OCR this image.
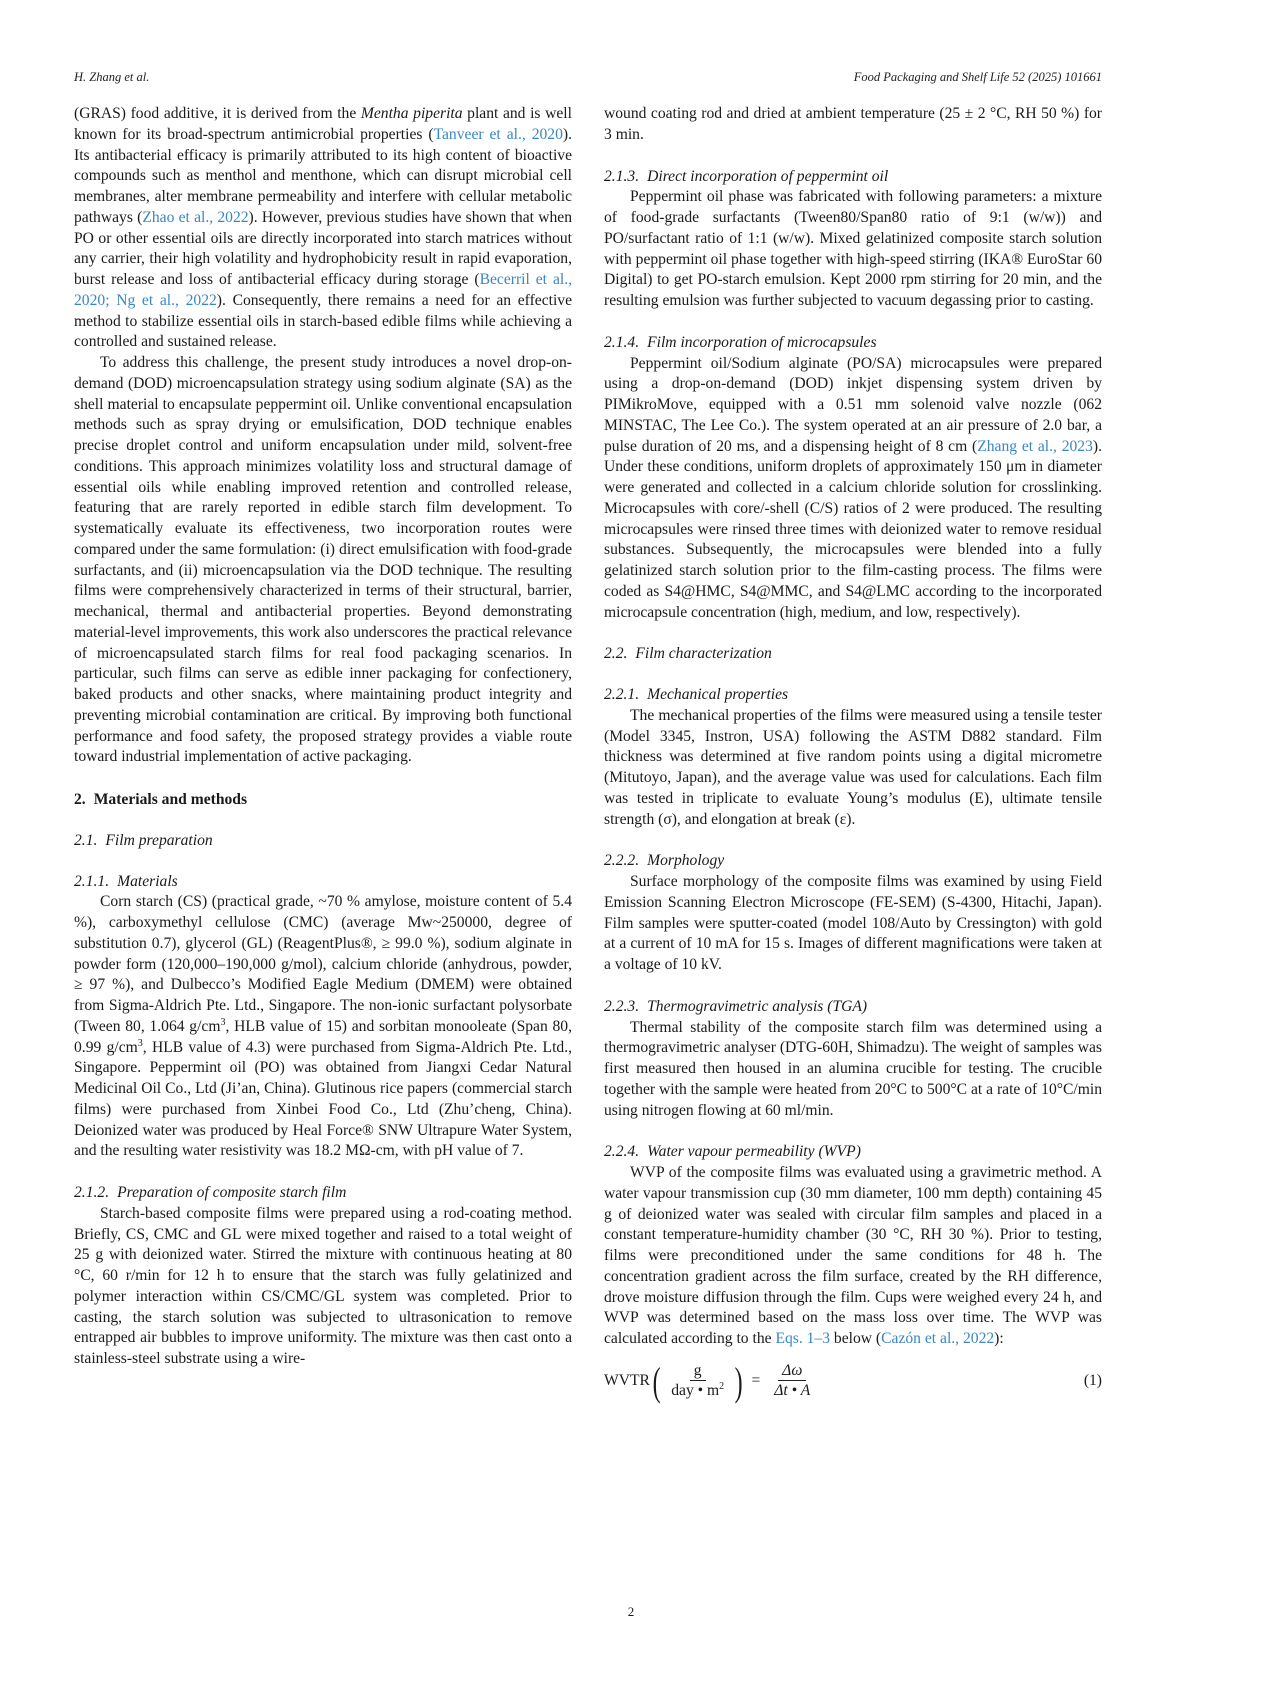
H. Zhang et al.	Food Packaging and Shelf Life 52 (2025) 101661

(GRAS) food additive, it is derived from the Mentha piperita plant and is well known for its broad-spectrum antimicrobial properties (Tanveer et al., 2020). Its antibacterial efficacy is primarily attributed to its high content of bioactive compounds such as menthol and menthone, which can disrupt microbial cell membranes, alter membrane permeability and interfere with cellular metabolic pathways (Zhao et al., 2022). However, previous studies have shown that when PO or other essential oils are directly incorporated into starch matrices without any carrier, their high volatility and hydrophobicity result in rapid evaporation, burst release and loss of antibacterial efficacy during storage (Becerril et al., 2020; Ng et al., 2022). Consequently, there remains a need for an effective method to stabilize essential oils in starch-based edible films while achieving a controlled and sustained release.

To address this challenge, the present study introduces a novel drop-on-demand (DOD) microencapsulation strategy using sodium alginate (SA) as the shell material to encapsulate peppermint oil. Unlike conventional encapsulation methods such as spray drying or emulsification, DOD technique enables precise droplet control and uniform encapsulation under mild, solvent-free conditions. This approach minimizes volatility loss and structural damage of essential oils while enabling improved retention and controlled release, featuring that are rarely reported in edible starch film development. To systematically evaluate its effectiveness, two incorporation routes were compared under the same formulation: (i) direct emulsification with food-grade surfactants, and (ii) microencapsulation via the DOD technique. The resulting films were comprehensively characterized in terms of their structural, barrier, mechanical, thermal and antibacterial properties. Beyond demonstrating material-level improvements, this work also underscores the practical relevance of microencapsulated starch films for real food packaging scenarios. In particular, such films can serve as edible inner packaging for confectionery, baked products and other snacks, where maintaining product integrity and preventing microbial contamination are critical. By improving both functional performance and food safety, the proposed strategy provides a viable route toward industrial implementation of active packaging.

2. Materials and methods
2.1. Film preparation
2.1.1. Materials

Corn starch (CS) (practical grade, ~70 % amylose, moisture content of 5.4 %), carboxymethyl cellulose (CMC) (average Mw~250000, degree of substitution 0.7), glycerol (GL) (ReagentPlus®, ≥ 99.0 %), sodium alginate in powder form (120,000–190,000 g/mol), calcium chloride (anhydrous, powder, ≥ 97 %), and Dulbecco’s Modified Eagle Medium (DMEM) were obtained from Sigma-Aldrich Pte. Ltd., Singapore. The non-ionic surfactant polysorbate (Tween 80, 1.064 $g/cm^3$, HLB value of 15) and sorbitan monooleate (Span 80, 0.99 $g/cm^3$, HLB value of 4.3) were purchased from Sigma-Aldrich Pte. Ltd., Singapore. Peppermint oil (PO) was obtained from Jiangxi Cedar Natural Medicinal Oil Co., Ltd (Ji’an, China). Glutinous rice papers (commercial starch films) were purchased from Xinbei Food Co., Ltd (Zhu’cheng, China). Deionized water was produced by Heal Force® SNW Ultrapure Water System, and the resulting water resistivity was 18.2 MΩ-cm, with pH value of 7.

2.1.2. Preparation of composite starch film

Starch-based composite films were prepared using a rod-coating method. Briefly, CS, CMC and GL were mixed together and raised to a total weight of 25 g with deionized water. Stirred the mixture with continuous heating at 80 °C, 60 r/min for 12 h to ensure that the starch was fully gelatinized and polymer interaction within CS/CMC/GL system was completed. Prior to casting, the starch solution was subjected to ultrasonication to remove entrapped air bubbles to improve uniformity. The mixture was then cast onto a stainless-steel substrate using a wire-

wound coating rod and dried at ambient temperature (25 ± 2 °C, RH 50 %) for 3 min.

2.1.3. Direct incorporation of peppermint oil

Peppermint oil phase was fabricated with following parameters: a mixture of food-grade surfactants (Tween80/Span80 ratio of 9:1 (w/w)) and PO/surfactant ratio of 1:1 (w/w). Mixed gelatinized composite starch solution with peppermint oil phase together with high-speed stirring (IKA® EuroStar 60 Digital) to get PO-starch emulsion. Kept 2000 rpm stirring for 20 min, and the resulting emulsion was further subjected to vacuum degassing prior to casting.

2.1.4. Film incorporation of microcapsules

Peppermint oil/Sodium alginate (PO/SA) microcapsules were prepared using a drop-on-demand (DOD) inkjet dispensing system driven by PIMikroMove, equipped with a 0.51 mm solenoid valve nozzle (062 MINSTAC, The Lee Co.). The system operated at an air pressure of 2.0 bar, a pulse duration of 20 ms, and a dispensing height of 8 cm (Zhang et al., 2023). Under these conditions, uniform droplets of approximately 150 μm in diameter were generated and collected in a calcium chloride solution for crosslinking. Microcapsules with core/-shell (C/S) ratios of 2 were produced. The resulting microcapsules were rinsed three times with deionized water to remove residual substances. Subsequently, the microcapsules were blended into a fully gelatinized starch solution prior to the film-casting process. The films were coded as S4@HMC, S4@MMC, and S4@LMC according to the incorporated microcapsule concentration (high, medium, and low, respectively).

2.2. Film characterization
2.2.1. Mechanical properties

The mechanical properties of the films were measured using a tensile tester (Model 3345, Instron, USA) following the ASTM D882 standard. Film thickness was determined at five random points using a digital micrometre (Mitutoyo, Japan), and the average value was used for calculations. Each film was tested in triplicate to evaluate Young’s modulus (E), ultimate tensile strength (σ), and elongation at break (ε).

2.2.2. Morphology

Surface morphology of the composite films was examined by using Field Emission Scanning Electron Microscope (FE-SEM) (S-4300, Hitachi, Japan). Film samples were sputter-coated (model 108/Auto by Cressington) with gold at a current of 10 mA for 15 s. Images of different magnifications were taken at a voltage of 10 kV.

2.2.3. Thermogravimetric analysis (TGA)

Thermal stability of the composite starch film was determined using a thermogravimetric analyser (DTG-60H, Shimadzu). The weight of samples was first measured then housed in an alumina crucible for testing. The crucible together with the sample were heated from 20°C to 500°C at a rate of 10°C/min using nitrogen flowing at 60 ml/min.

2.2.4. Water vapour permeability (WVP)

WVP of the composite films was evaluated using a gravimetric method. A water vapour transmission cup (30 mm diameter, 100 mm depth) containing 45 g of deionized water was sealed with circular film samples and placed in a constant temperature-humidity chamber (30 °C, RH 30 %). Prior to testing, films were preconditioned under the same conditions for 48 h. The concentration gradient across the film surface, created by the RH difference, drove moisture diffusion through the film. Cups were weighed every 24 h, and WVP was determined based on the mass loss over time. The WVP was calculated according to the Eqs. 1–3 below (Cazón et al., 2022):

WVTR ( $\frac{g}{day • m^2}$ ) = $\frac{\Delta\omega}{\Delta t • A}$	(1)
2
